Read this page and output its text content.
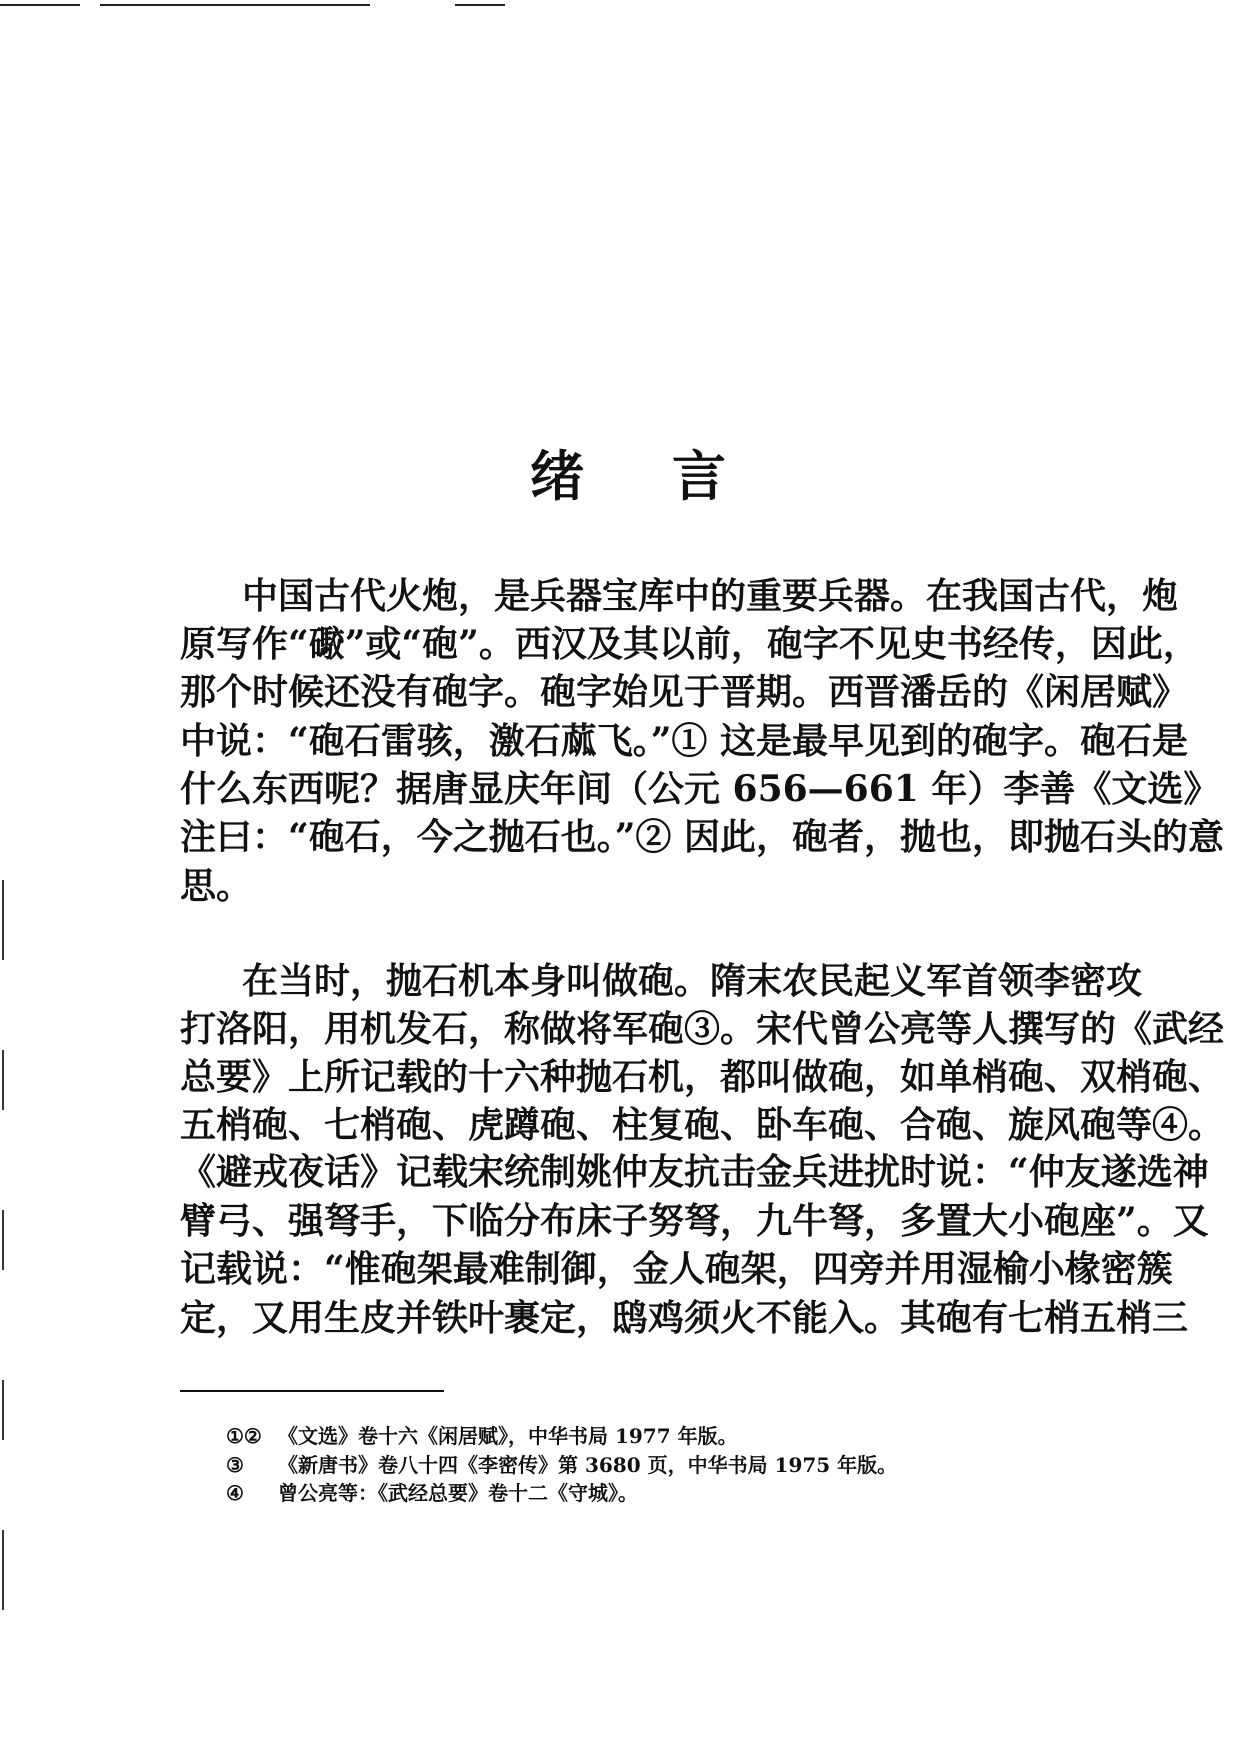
绪 言
中国古代火炮，是兵器宝库中的重要兵器。在我国古代，炮
原写作“礮”或“砲”。西汉及其以前，砲字不见史书经传，因此，
那个时候还没有砲字。砲字始见于晋期。西晋潘岳的《闲居赋》
中说：“砲石雷骇，激石蓏飞。”① 这是最早见到的砲字。砲石是
什么东西呢？据唐显庆年间（公元 656—661 年）李善《文选》
注曰：“砲石，今之抛石也。”② 因此，砲者，抛也，即抛石头的意
思。
在当时，抛石机本身叫做砲。隋末农民起义军首领李密攻
打洛阳，用机发石，称做将军砲③。宋代曾公亮等人撰写的《武经
总要》上所记载的十六种抛石机，都叫做砲，如单梢砲、双梢砲、
五梢砲、七梢砲、虎蹲砲、柱复砲、卧车砲、合砲、旋风砲等④。
《避戎夜话》记载宋统制姚仲友抗击金兵进扰时说：“仲友遂选神
臂弓、强弩手，下临分布床子努弩，九牛弩，多置大小砲座”。又
记载说：“惟砲架最难制御，金人砲架，四旁并用湿榆小椽密簇
定，又用生皮并铁叶裹定，鸱鸡须火不能入。其砲有七梢五梢三
①② 《文选》卷十六《闲居赋》，中华书局 1977 年版。
③ 《新唐书》卷八十四《李密传》第 3680 页，中华书局 1975 年版。
④ 曾公亮等：《武经总要》卷十二《守城》。
